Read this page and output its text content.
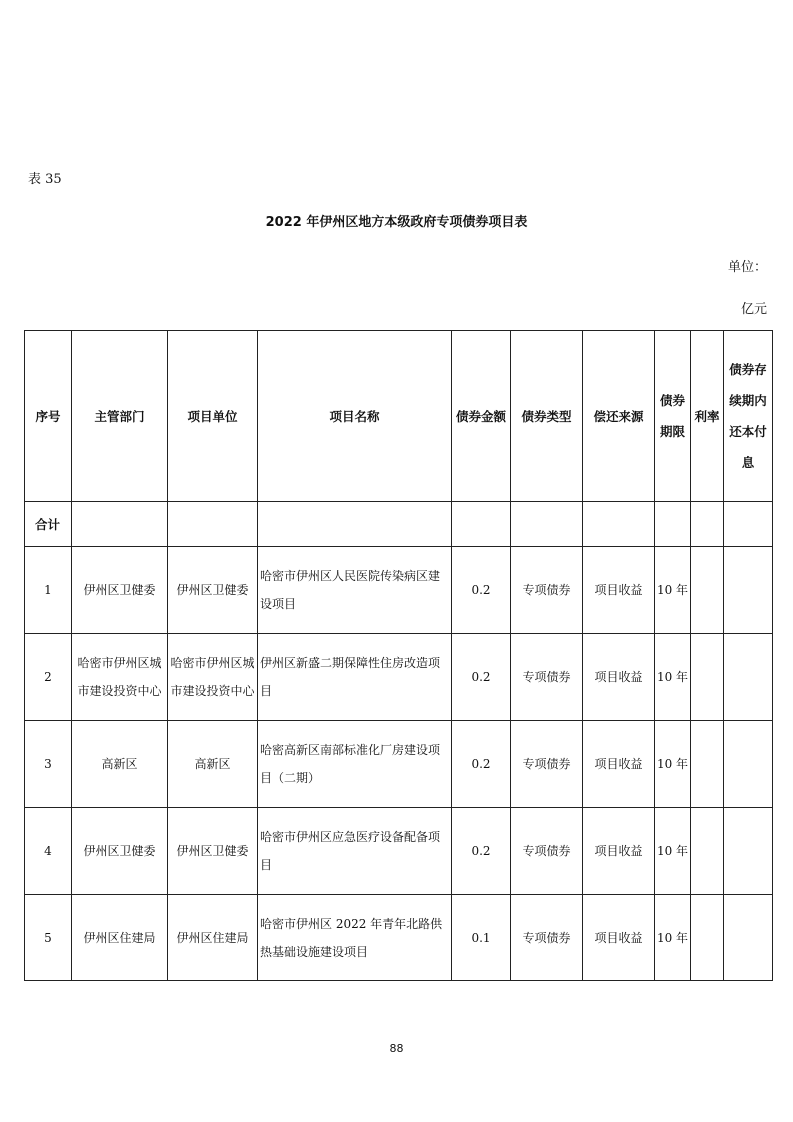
表 35
2022 年伊州区地方本级政府专项债券项目表
单位：
亿元
序号	主管部门	项目单位	项目名称	债券金额	债券类型	偿还来源	债券期限	利率	债券存续期内还本付息
合计									
1	伊州区卫健委	伊州区卫健委	哈密市伊州区人民医院传染病区建设项目	0.2	专项债券	项目收益	10 年		
2	哈密市伊州区城市建设投资中心	哈密市伊州区城市建设投资中心	伊州区新盛二期保障性住房改造项目	0.2	专项债券	项目收益	10 年		
3	高新区	高新区	哈密高新区南部标准化厂房建设项目（二期）	0.2	专项债券	项目收益	10 年		
4	伊州区卫健委	伊州区卫健委	哈密市伊州区应急医疗设备配备项目	0.2	专项债券	项目收益	10 年		
5	伊州区住建局	伊州区住建局	哈密市伊州区 2022 年青年北路供热基础设施建设项目	0.1	专项债券	项目收益	10 年		
88
